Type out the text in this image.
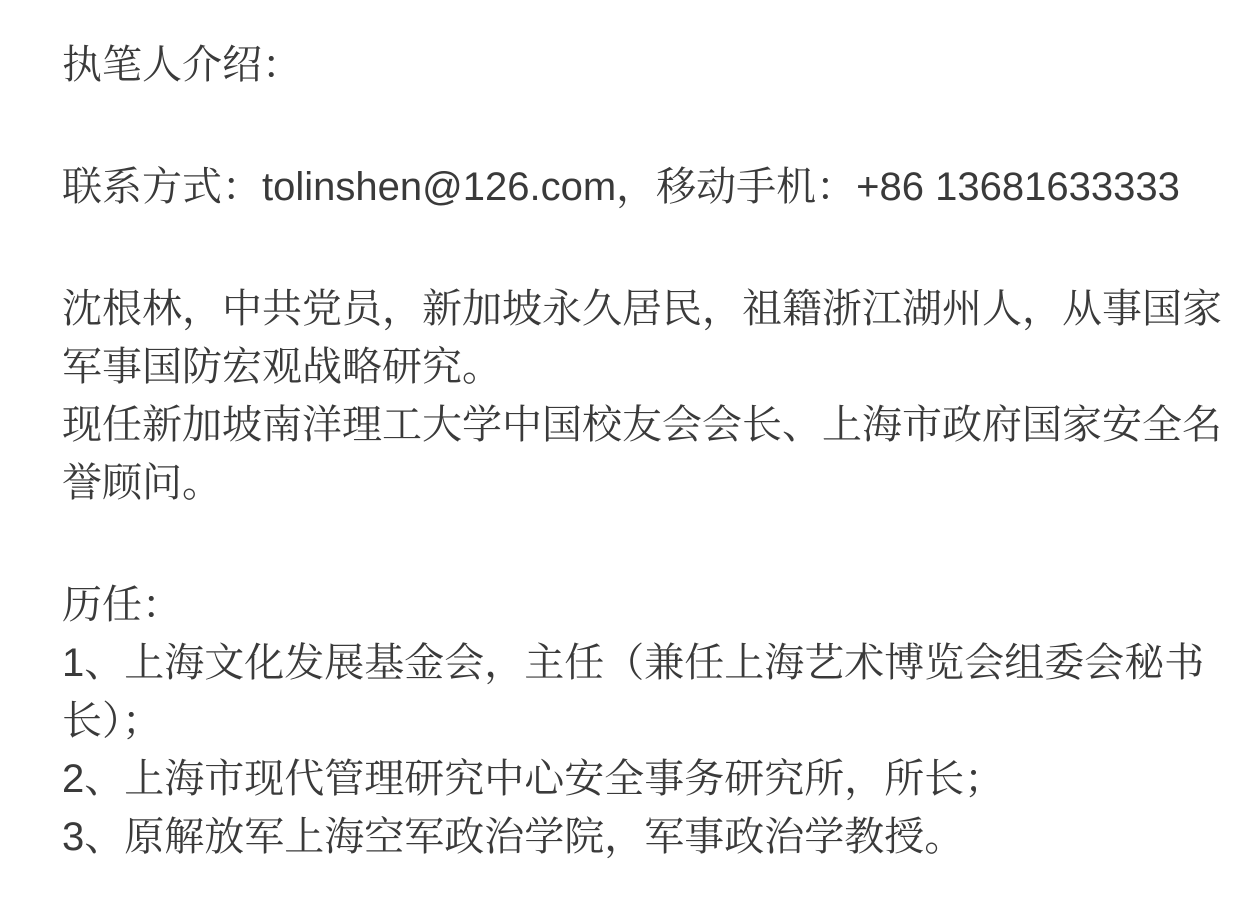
执笔人介绍：

联系方式：tolinshen@126.com，移动手机：+86 13681633333

沈根林，中共党员，新加坡永久居民，祖籍浙江湖州人，从事国家
军事国防宏观战略研究。
现任新加坡南洋理工大学中国校友会会长、上海市政府国家安全名
誉顾问。

历任：
1、上海文化发展基金会，主任（兼任上海艺术博览会组委会秘书
长）；
2、上海市现代管理研究中心安全事务研究所，所长；
3、原解放军上海空军政治学院，军事政治学教授。
